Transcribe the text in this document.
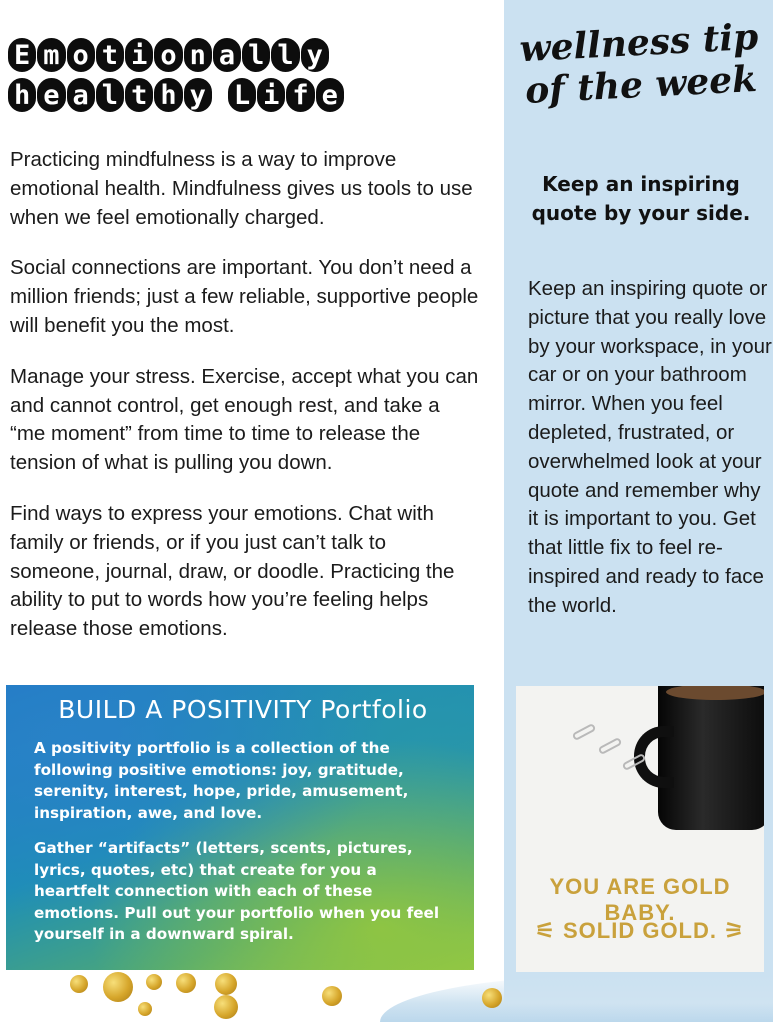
E m o t i o n a l l y
h e a l t h y L i f e

Practicing mindfulness is a way to improve emotional health. Mindfulness gives us tools to use when we feel emotionally charged.

Social connections are important. You don’t need a million friends; just a few reliable, supportive people will benefit you the most.

Manage your stress. Exercise, accept what you can and cannot control, get enough rest, and take a “me moment” from time to time to release the tension of what is pulling you down.

Find ways to express your emotions. Chat with family or friends, or if you just can’t talk to someone, journal, draw, or doodle. Practicing the ability to put to words how you’re feeling helps release those emotions.

BUILD A POSITIVITY Portfolio

A positivity portfolio is a collection of the following positive emotions: joy, gratitude, serenity, interest, hope, pride, amusement, inspiration, awe, and love.

Gather “artifacts” (letters, scents, pictures, lyrics, quotes, etc) that create for you a heartfelt connection with each of these emotions. Pull out your portfolio when you feel yourself in a downward spiral.

wellness tip of the week
Keep an inspiring quote by your side.
Keep an inspiring quote or picture that you really love by your workspace, in your car or on your bathroom mirror. When you feel depleted, frustrated, or overwhelmed look at your quote and remember why it is important to you. Get that little fix to feel re-inspired and ready to face the world.
YOU ARE GOLD BABY.
⚟ SOLID GOLD. ⚞
